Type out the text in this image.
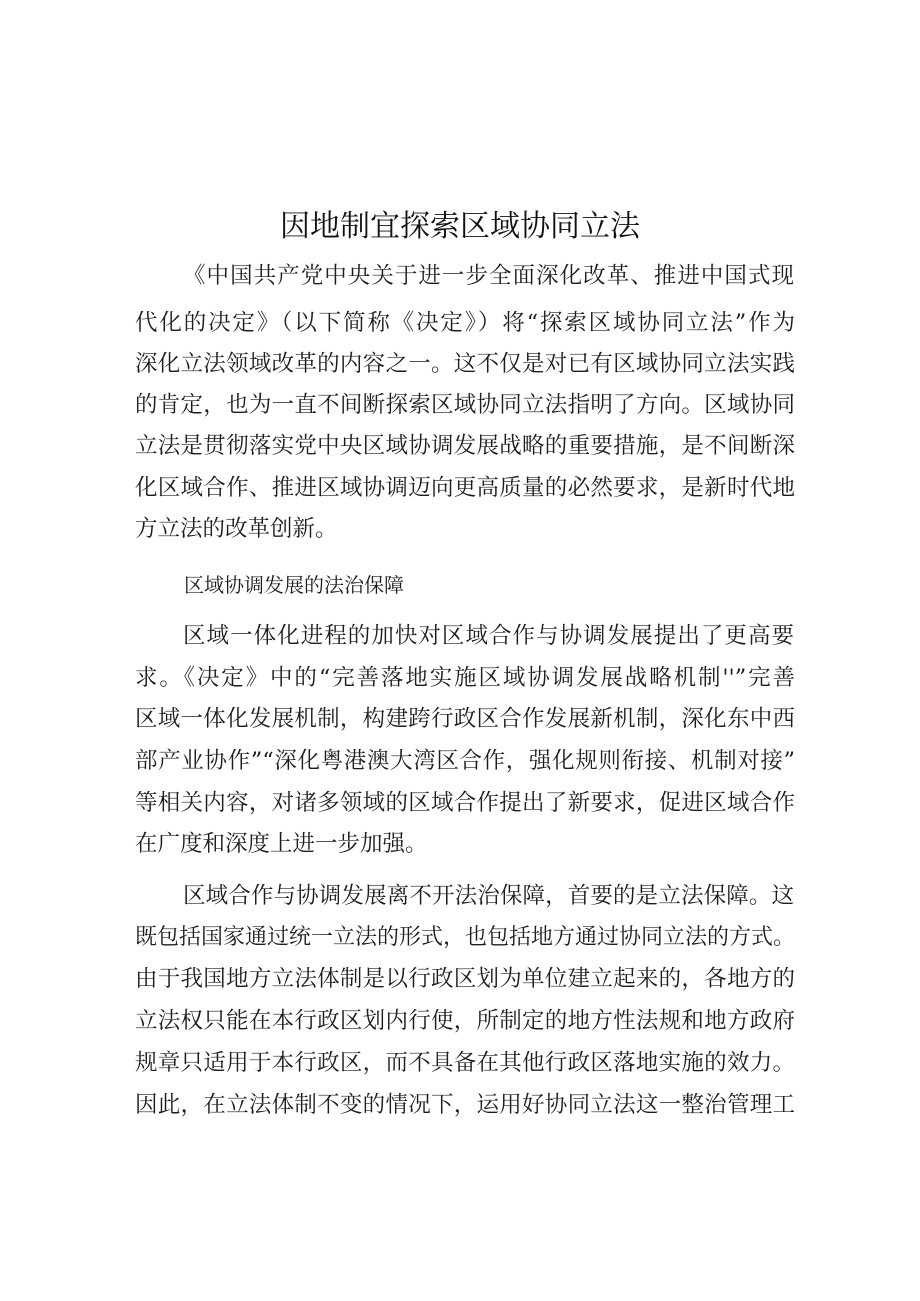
因地制宜探索区域协同立法
《中国共产党中央关于进一步全面深化改革、推进中国式现
代化的决定》（以下简称《决定》）将“探索区域协同立法”作为
深化立法领域改革的内容之一。这不仅是对已有区域协同立法实践
的肯定，也为一直不间断探索区域协同立法指明了方向。区域协同
立法是贯彻落实党中央区域协调发展战略的重要措施，是不间断深
化区域合作、推进区域协调迈向更高质量的必然要求，是新时代地
方立法的改革创新。
区域协调发展的法治保障
区域一体化进程的加快对区域合作与协调发展提出了更高要
求。《决定》中的“完善落地实施区域协调发展战略机制''”完善
区域一体化发展机制，构建跨行政区合作发展新机制，深化东中西
部产业协作”“深化粤港澳大湾区合作，强化规则衔接、机制对接”
等相关内容，对诸多领域的区域合作提出了新要求，促进区域合作
在广度和深度上进一步加强。
区域合作与协调发展离不开法治保障，首要的是立法保障。这
既包括国家通过统一立法的形式，也包括地方通过协同立法的方式。
由于我国地方立法体制是以行政区划为单位建立起来的，各地方的
立法权只能在本行政区划内行使，所制定的地方性法规和地方政府
规章只适用于本行政区，而不具备在其他行政区落地实施的效力。
因此，在立法体制不变的情况下，运用好协同立法这一整治管理工
